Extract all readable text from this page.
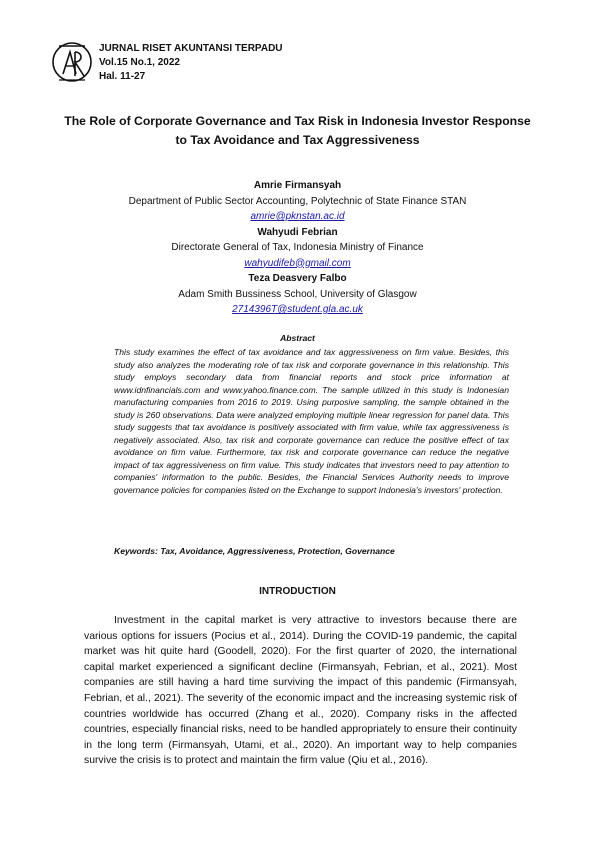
JURNAL RISET AKUNTANSI TERPADU
Vol.15 No.1, 2022
Hal. 11-27
The Role of Corporate Governance and Tax Risk in Indonesia Investor Response to Tax Avoidance and Tax Aggressiveness
Amrie Firmansyah
Department of Public Sector Accounting, Polytechnic of State Finance STAN
amrie@pknstan.ac.id
Wahyudi Febrian
Directorate General of Tax, Indonesia Ministry of Finance
wahyudifeb@gmail.com
Teza Deasvery Falbo
Adam Smith Bussiness School, University of Glasgow
2714396T@student.gla.ac.uk
Abstract
This study examines the effect of tax avoidance and tax aggressiveness on firm value. Besides, this study also analyzes the moderating role of tax risk and corporate governance in this relationship. This study employs secondary data from financial reports and stock price information at www.idnfinancials.com and www.yahoo.finance.com. The sample utilized in this study is Indonesian manufacturing companies from 2016 to 2019. Using purposive sampling, the sample obtained in the study is 260 observations. Data were analyzed employing multiple linear regression for panel data. This study suggests that tax avoidance is positively associated with firm value, while tax aggressiveness is negatively associated. Also, tax risk and corporate governance can reduce the positive effect of tax avoidance on firm value. Furthermore, tax risk and corporate governance can reduce the negative impact of tax aggressiveness on firm value. This study indicates that investors need to pay attention to companies' information to the public. Besides, the Financial Services Authority needs to improve governance policies for companies listed on the Exchange to support Indonesia's investors' protection.
Keywords: Tax, Avoidance, Aggressiveness, Protection, Governance
INTRODUCTION

Investment in the capital market is very attractive to investors because there are various options for issuers (Pocius et al., 2014). During the COVID-19 pandemic, the capital market was hit quite hard (Goodell, 2020). For the first quarter of 2020, the international capital market experienced a significant decline (Firmansyah, Febrian, et al., 2021). Most companies are still having a hard time surviving the impact of this pandemic (Firmansyah, Febrian, et al., 2021). The severity of the economic impact and the increasing systemic risk of countries worldwide has occurred (Zhang et al., 2020). Company risks in the affected countries, especially financial risks, need to be handled appropriately to ensure their continuity in the long term (Firmansyah, Utami, et al., 2020). An important way to help companies survive the crisis is to protect and maintain the firm value (Qiu et al., 2016).
